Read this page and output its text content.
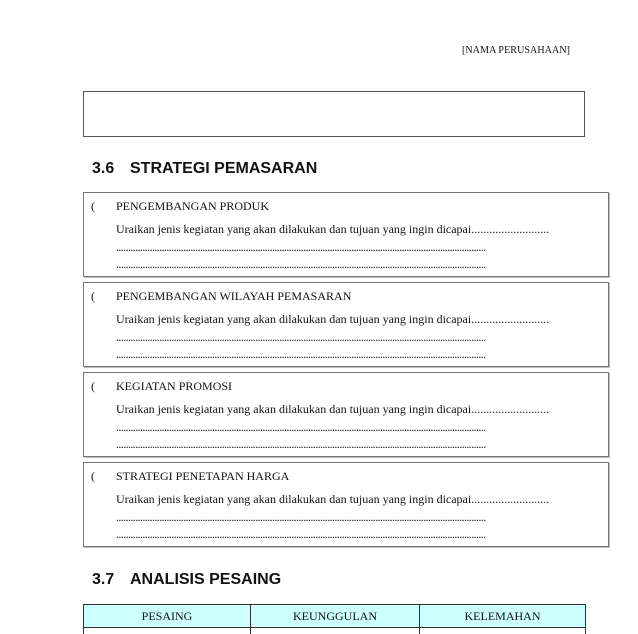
[NAMA PERUSAHAAN]
3.6 STRATEGI PEMASARAN
( PENGEMBANGAN PRODUK
Uraikan jenis kegiatan yang akan dilakukan dan tujuan yang ingin dicapai..........................
..........................................................................................................................................................
..........................................................................................................................................................
( PENGEMBANGAN WILAYAH PEMASARAN
Uraikan jenis kegiatan yang akan dilakukan dan tujuan yang ingin dicapai..........................
..........................................................................................................................................................
..........................................................................................................................................................
( KEGIATAN PROMOSI
Uraikan jenis kegiatan yang akan dilakukan dan tujuan yang ingin dicapai..........................
..........................................................................................................................................................
..........................................................................................................................................................
( STRATEGI PENETAPAN HARGA
Uraikan jenis kegiatan yang akan dilakukan dan tujuan yang ingin dicapai..........................
..........................................................................................................................................................
..........................................................................................................................................................
3.7 ANALISIS PESAING
PESAING	KEUNGGULAN	KELEMAHAN
